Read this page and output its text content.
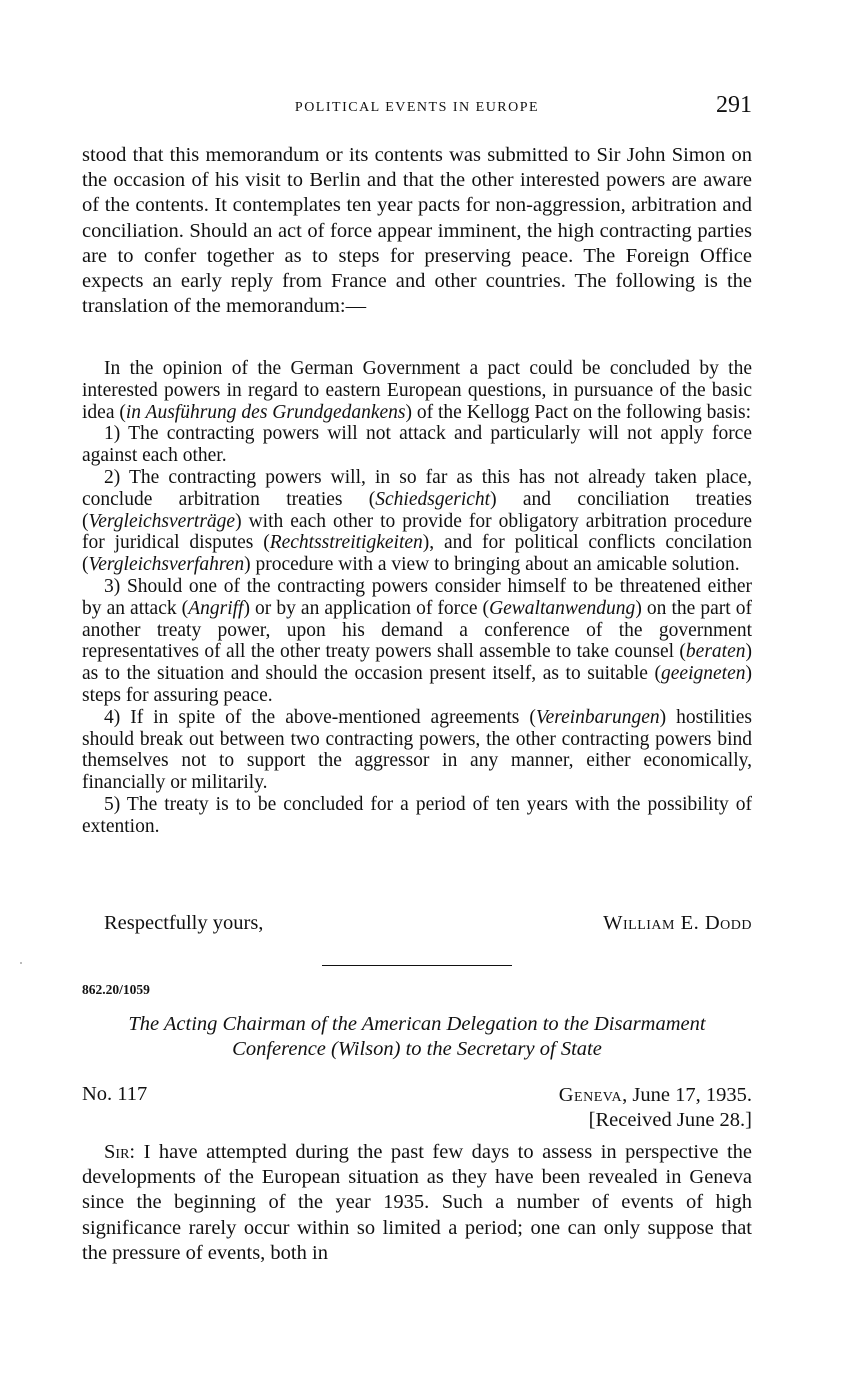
POLITICAL EVENTS IN EUROPE	291
stood that this memorandum or its contents was submitted to Sir John Simon on the occasion of his visit to Berlin and that the other interested powers are aware of the contents. It contemplates ten year pacts for non-aggression, arbitration and conciliation. Should an act of force appear imminent, the high contracting parties are to confer together as to steps for preserving peace. The Foreign Office expects an early reply from France and other countries. The following is the translation of the memorandum:—

In the opinion of the German Government a pact could be concluded by the interested powers in regard to eastern European questions, in pursuance of the basic idea (in Ausführung des Grundgedankens) of the Kellogg Pact on the following basis:

1) The contracting powers will not attack and particularly will not apply force against each other.

2) The contracting powers will, in so far as this has not already taken place, conclude arbitration treaties (Schiedsgericht) and conciliation treaties (Vergleichsverträge) with each other to provide for obligatory arbitration procedure for juridical disputes (Rechtsstreitigkeiten), and for political conflicts concilation (Vergleichsverfahren) procedure with a view to bringing about an amicable solution.

3) Should one of the contracting powers consider himself to be threatened either by an attack (Angriff) or by an application of force (Gewaltanwendung) on the part of another treaty power, upon his demand a conference of the government representatives of all the other treaty powers shall assemble to take counsel (beraten) as to the situation and should the occasion present itself, as to suitable (geeigneten) steps for assuring peace.

4) If in spite of the above-mentioned agreements (Vereinbarungen) hostilities should break out between two contracting powers, the other contracting powers bind themselves not to support the aggressor in any manner, either economically, financially or militarily.

5) The treaty is to be concluded for a period of ten years with the possibility of extention.

Respectfully yours,	William E. Dodd
862.20/1059
The Acting Chairman of the American Delegation to the Disarmament
Conference (Wilson) to the Secretary of State
No. 117	Geneva, June 17, 1935.
[Received June 28.]
Sir: I have attempted during the past few days to assess in perspective the developments of the European situation as they have been revealed in Geneva since the beginning of the year 1935. Such a number of events of high significance rarely occur within so limited a period; one can only suppose that the pressure of events, both in
